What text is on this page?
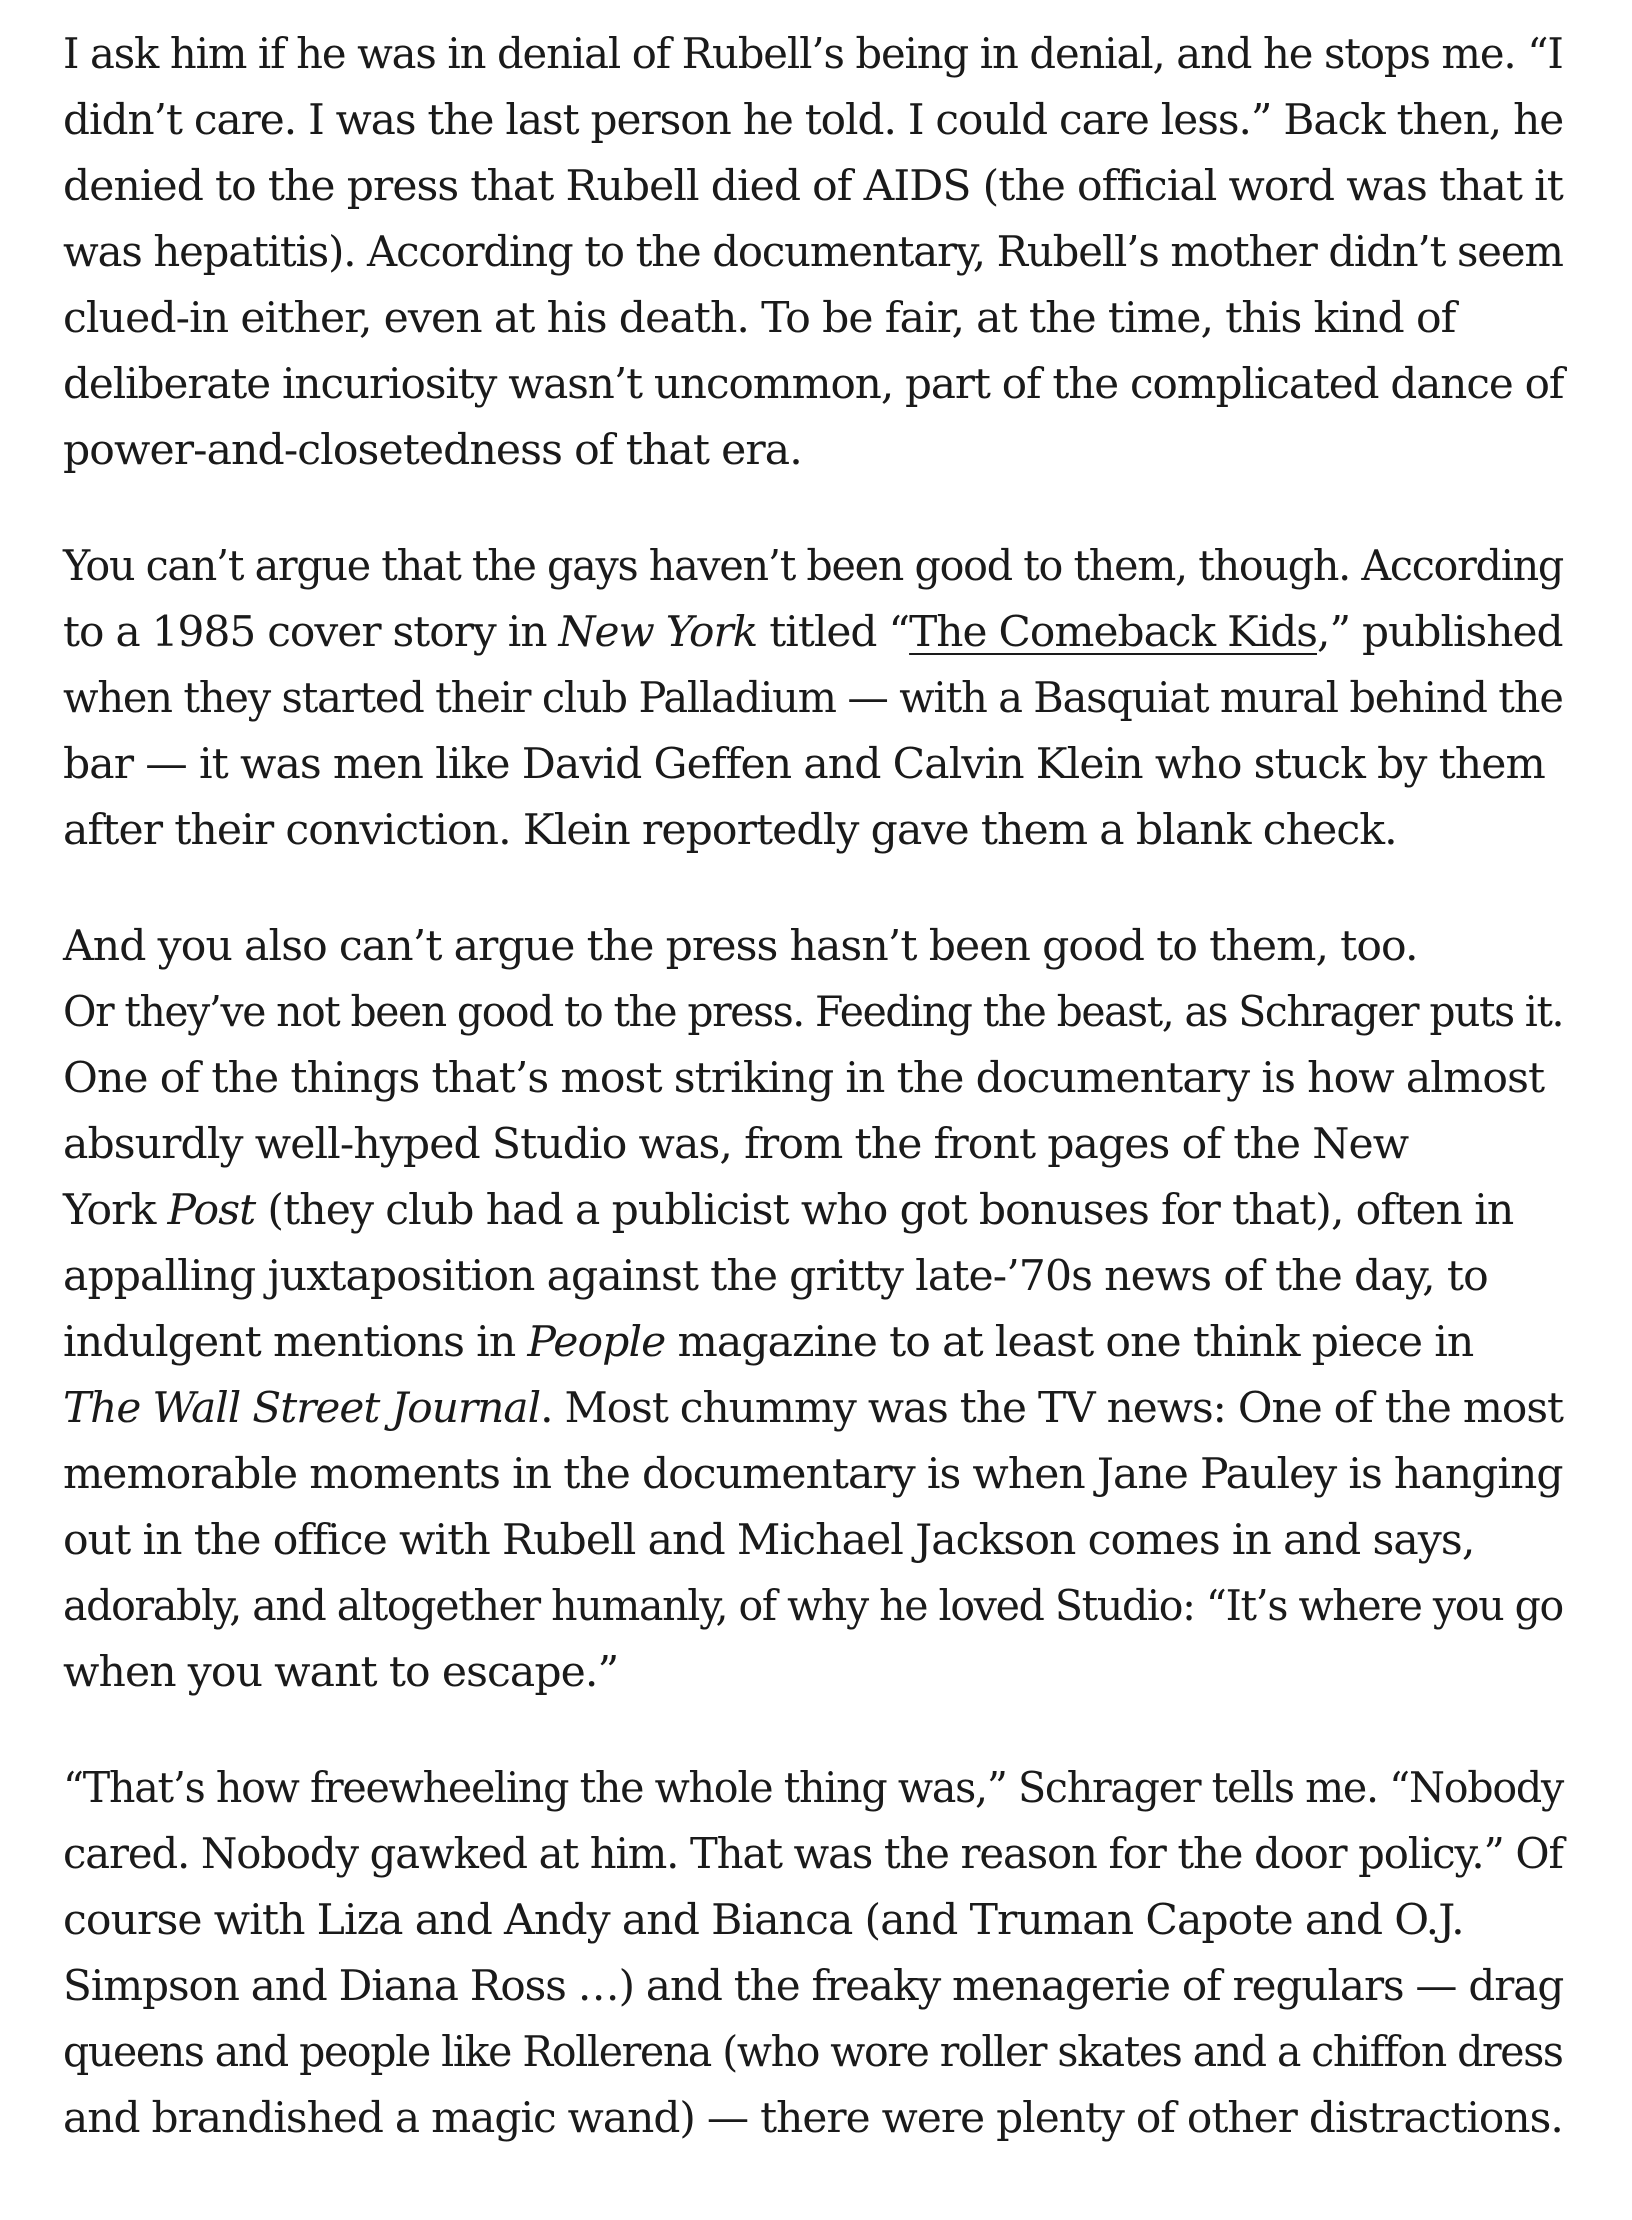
I ask him if he was in denial of Rubell’s being in denial, and he stops me. “I
didn’t care. I was the last person he told. I could care less.” Back then, he
denied to the press that Rubell died of AIDS (the official word was that it
was hepatitis). According to the documentary, Rubell’s mother didn’t seem
clued-in either, even at his death. To be fair, at the time, this kind of
deliberate incuriosity wasn’t uncommon, part of the complicated dance of
power-and-closetedness of that era.

You can’t argue that the gays haven’t been good to them, though. According
to a 1985 cover story in New York titled “The Comeback Kids,” published
when they started their club Palladium — with a Basquiat mural behind the
bar — it was men like David Geffen and Calvin Klein who stuck by them
after their conviction. Klein reportedly gave them a blank check.

And you also can’t argue the press hasn’t been good to them, too.
Or they’ve not been good to the press. Feeding the beast, as Schrager puts it.
One of the things that’s most striking in the documentary is how almost
absurdly well-hyped Studio was, from the front pages of the New
York Post (they club had a publicist who got bonuses for that), often in
appalling juxtaposition against the gritty late-’70s news of the day, to
indulgent mentions in People magazine to at least one think piece in
The Wall Street Journal. Most chummy was the TV news: One of the most
memorable moments in the documentary is when Jane Pauley is hanging
out in the office with Rubell and Michael Jackson comes in and says,
adorably, and altogether humanly, of why he loved Studio: “It’s where you go
when you want to escape.”

“That’s how freewheeling the whole thing was,” Schrager tells me. “Nobody
cared. Nobody gawked at him. That was the reason for the door policy.” Of
course with Liza and Andy and Bianca (and Truman Capote and O.J.
Simpson and Diana Ross …) and the freaky menagerie of regulars — drag
queens and people like Rollerena (who wore roller skates and a chiffon dress
and brandished a magic wand) — there were plenty of other distractions.
